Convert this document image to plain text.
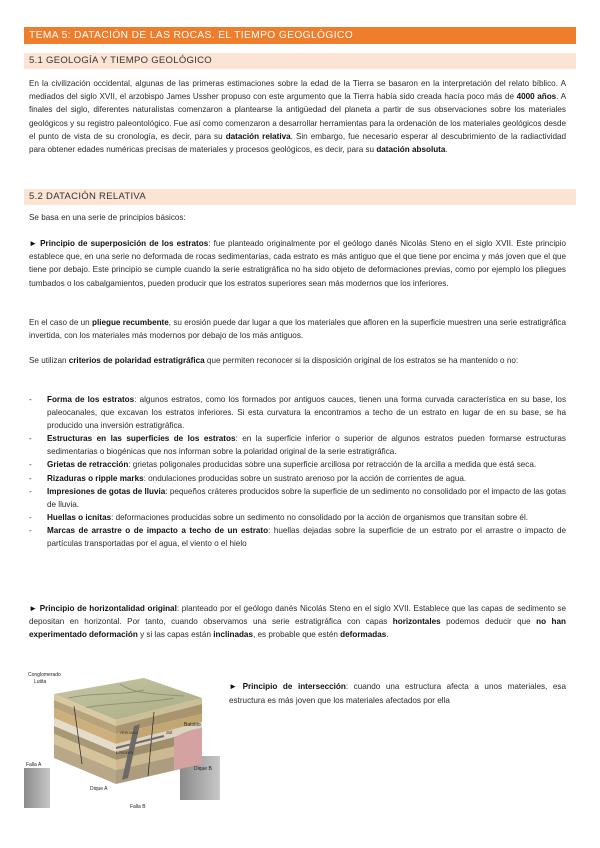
TEMA 5: DATACIÓN DE LAS ROCAS. EL TIEMPO GEOGLÓGICO
5.1 GEOLOGÍA Y TIEMPO GEOLÓGICO

En la civilización occidental, algunas de las primeras estimaciones sobre la edad de la Tierra se basaron en la interpretación del relato bíblico. A mediados del siglo XVII, el arzobispo James Ussher propuso con este argumento que la Tierra había sido creada hacía poco más de 4000 años. A finales del siglo, diferentes naturalistas comenzaron a plantearse la antigüedad del planeta a partir de sus observaciones sobre los materiales geológicos y su registro paleontológico. Fue así como comenzaron a desarrollar herramientas para la ordenación de los materiales geológicos desde el punto de vista de su cronología, es decir, para su datación relativa. Sin embargo, fue necesario esperar al descubrimiento de la radiactividad para obtener edades numéricas precisas de materiales y procesos geológicos, es decir, para su datación absoluta.

5.2 DATACIÓN RELATIVA

Se basa en una serie de principios básicos:

► Principio de superposición de los estratos: fue planteado originalmente por el geólogo danés Nicolás Steno en el siglo XVII. Este principio establece que, en una serie no deformada de rocas sedimentarias, cada estrato es más antiguo que el que tiene por encima y más joven que el que tiene por debajo. Este principio se cumple cuando la serie estratigráfica no ha sido objeto de deformaciones previas, como por ejemplo los pliegues tumbados o los cabalgamientos, pueden producir que los estratos superiores sean más modernos que los inferiores.

En el caso de un pliegue recumbente, su erosión puede dar lugar a que los materiales que afloren en la superficie muestren una serie estratigráfica invertida, con los materiales más modernos por debajo de los más antiguos.

Se utilizan criterios de polaridad estratigráfica que permiten reconocer si la disposición original de los estratos se ha mantenido o no:

- Forma de los estratos: algunos estratos, como los formados por antiguos cauces, tienen una forma curvada característica en su base, los paleocanales, que excavan los estratos inferiores. Si esta curvatura la encontramos a techo de un estrato en lugar de en su base, se ha producido una inversión estratigráfica.
- Estructuras en las superficies de los estratos: en la superficie inferior o superior de algunos estratos pueden formarse estructuras sedimentarias o biogénicas que nos informan sobre la polaridad original de la serie estratigráfica.
- Grietas de retracción: grietas poligonales producidas sobre una superficie arcillosa por retracción de la arcilla a medida que está seca.
- Rizaduras o ripple marks: ondulaciones producidas sobre un sustrato arenoso por la acción de corrientes de agua.
- Impresiones de gotas de lluvia: pequeños cráteres producidos sobre la superficie de un sedimento no consolidado por el impacto de las gotas de lluvia.
- Huellas o icnitas: deformaciones producidas sobre un sedimento no consolidado por la acción de organismos que transitan sobre él.
- Marcas de arrastre o de impacto a techo de un estrato: huellas dejadas sobre la superficie de un estrato por el arrastre o impacto de partículas transportadas por el agua, el viento o el hielo

► Principio de horizontalidad original: planteado por el geólogo danés Nicolás Steno en el siglo XVII. Establece que las capas de sedimento se depositan en horizontal. Por tanto, cuando observamos una serie estratigráfica con capas horizontales podemos deducir que no han experimentado deformación y si las capas están inclinadas, es probable que estén deformadas.

Conglomerado
Lutita
Arenisca
Limonita
Sill
Batolito
Falla A
Falla B
Dique A
Dique B

► Principio de intersección: cuando una estructura afecta a unos materiales, esa estructura es más joven que los materiales afectados por ella
